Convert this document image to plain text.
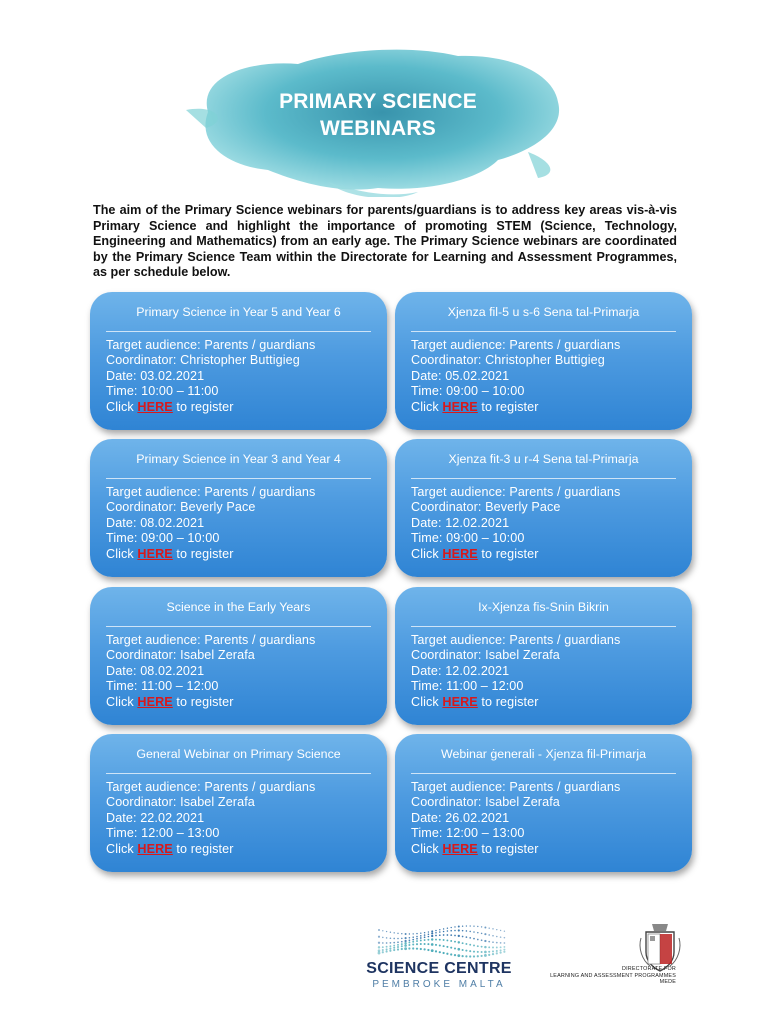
PRIMARY SCIENCE
WEBINARS
The aim of the Primary Science webinars for parents/guardians is to address key areas vis-à-vis Primary Science and highlight the importance of promoting STEM (Science, Technology, Engineering and Mathematics) from an early age. The Primary Science webinars are coordinated by the Primary Science Team within the Directorate for Learning and Assessment Programmes, as per schedule below.
Primary Science in Year 5 and Year 6
Target audience: Parents / guardians
Coordinator: Christopher Buttigieg
Date: 03.02.2021
Time: 10:00 – 11:00
Click HERE to register
Xjenza fil-5 u s-6 Sena tal-Primarja
Target audience: Parents / guardians
Coordinator: Christopher Buttigieg
Date: 05.02.2021
Time: 09:00 – 10:00
Click HERE to register
Primary Science in Year 3 and Year 4
Target audience: Parents / guardians
Coordinator: Beverly Pace
Date: 08.02.2021
Time: 09:00 – 10:00
Click HERE to register
Xjenza fit-3 u r-4 Sena tal-Primarja
Target audience: Parents / guardians
Coordinator: Beverly Pace
Date: 12.02.2021
Time: 09:00 – 10:00
Click HERE to register
Science in the Early Years
Target audience: Parents / guardians
Coordinator: Isabel Zerafa
Date: 08.02.2021
Time: 11:00 – 12:00
Click HERE to register
Ix-Xjenza fis-Snin Bikrin
Target audience: Parents / guardians
Coordinator: Isabel Zerafa
Date: 12.02.2021
Time: 11:00 – 12:00
Click HERE to register
General Webinar on Primary Science
Target audience: Parents / guardians
Coordinator: Isabel Zerafa
Date: 22.02.2021
Time: 12:00 – 13:00
Click HERE to register
Webinar ġenerali - Xjenza fil-Primarja
Target audience: Parents / guardians
Coordinator: Isabel Zerafa
Date: 26.02.2021
Time: 12:00 – 13:00
Click HERE to register
SCIENCE CENTRE
PEMBROKE MALTA
DIRECTORATE FOR
LEARNING AND ASSESSMENT PROGRAMMES
MEDE
